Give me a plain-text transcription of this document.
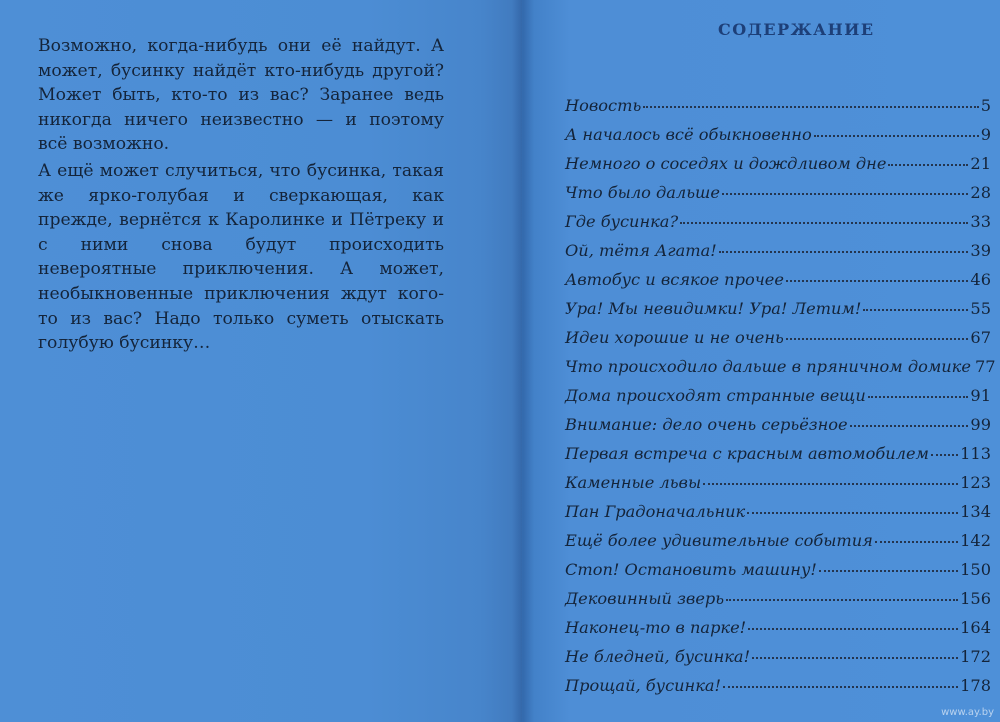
Возможно, когда-нибудь они её найдут. А может, бусинку найдёт кто-нибудь другой? Может быть, кто-то из вас? Заранее ведь никогда ничего неизвестно — и поэтому всё возможно.

А ещё может случиться, что бусинка, такая же ярко-голубая и сверкающая, как прежде, вернётся к Каролинке и Пётреку и с ними снова будут происходить невероятные приключения. А может, необыкновенные приключения ждут кого-то из вас? Надо только суметь отыскать голубую бусинку…

СОДЕРЖАНИЕ
Новость	5
А началось всё обыкновенно	9
Немного о соседях и дождливом дне	21
Что было дальше	28
Где бусинка?	33
Ой, тётя Агата!	39
Автобус и всякое прочее	46
Ура! Мы невидимки! Ура! Летим!	55
Идеи хорошие и не очень	67
Что происходило дальше в пряничном домике 77
Дома происходят странные вещи	91
Внимание: дело очень серьёзное	99
Первая встреча с красным автомобилем 113
Каменные львы	123
Пан Градоначальник	134
Ещё более удивительные события	142
Стоп! Остановить машину!	150
Дековинный зверь	156
Наконец-то в парке!	164
Не бледней, бусинка!	172
Прощай, бусинка!	178
www.ay.by
